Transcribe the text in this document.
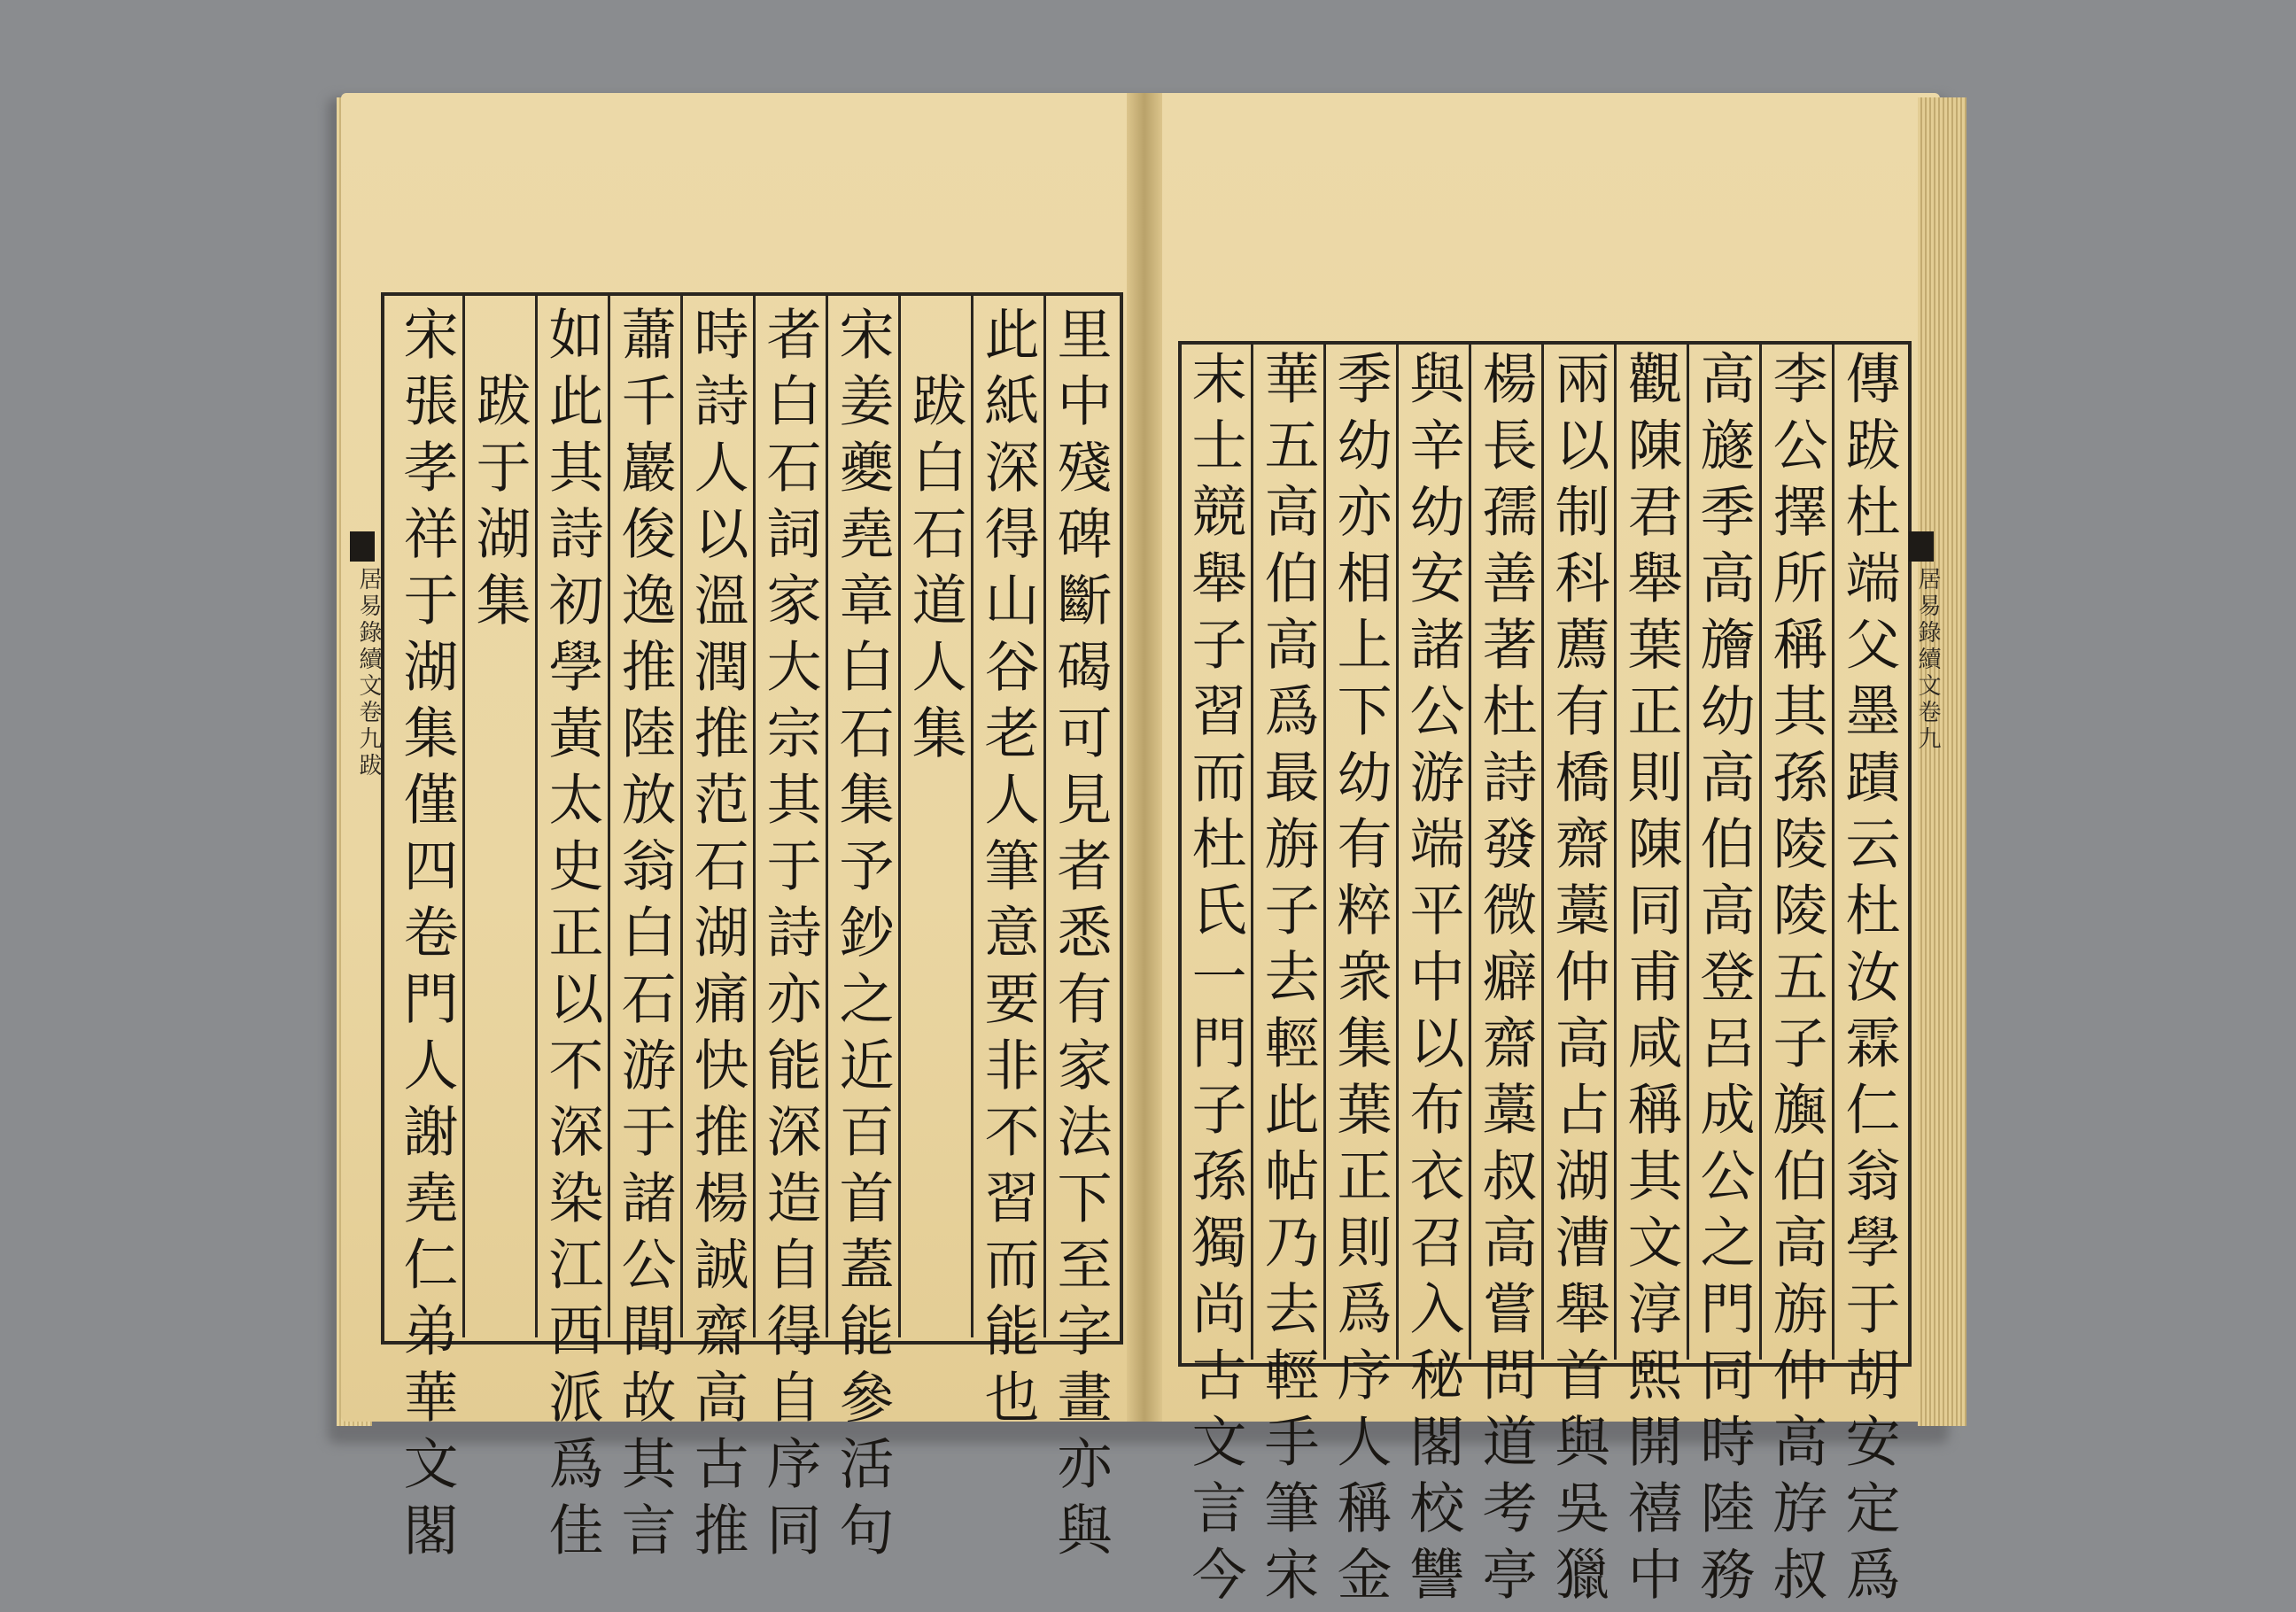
居易錄續文卷九跋	居易錄續文卷九
里中殘碑斷碣可見者悉有家法下至字畫亦與
此紙深得山谷老人筆意要非不習而能也
跋白石道人集
宋姜夔堯章白石集予鈔之近百首蓋能參活句
者白石詞家大宗其于詩亦能深造自得自序同
時詩人以溫潤推范石湖痛快推楊誠齋高古推
蕭千巖俊逸推陸放翁白石游于諸公間故其言
如此其詩初學黃太史正以不深染江西派爲佳
跋于湖集
宋張孝祥于湖集僅四卷門人謝堯仁弟華文閣	傳跋杜端父墨蹟云杜汝霖仁翁學于胡安定爲
李公擇所稱其孫陵陵五子旟伯高旃仲高斿叔
高旞季高旝幼高伯高登呂成公之門同時陸務
觀陳君舉葉正則陳同甫咸稱其文淳熙開禧中
兩以制科薦有橋齋藁仲高占湖漕舉首與吳獵
楊長孺善著杜詩發微癖齋藁叔高嘗問道考亭
與辛幼安諸公游端平中以布衣召入秘閣校讐
季幼亦相上下幼有粹衆集葉正則爲序人稱金
華五高伯高爲最旃子去輕此帖乃去輕手筆宋
末士競舉子習而杜氏一門子孫獨尚古文言今
